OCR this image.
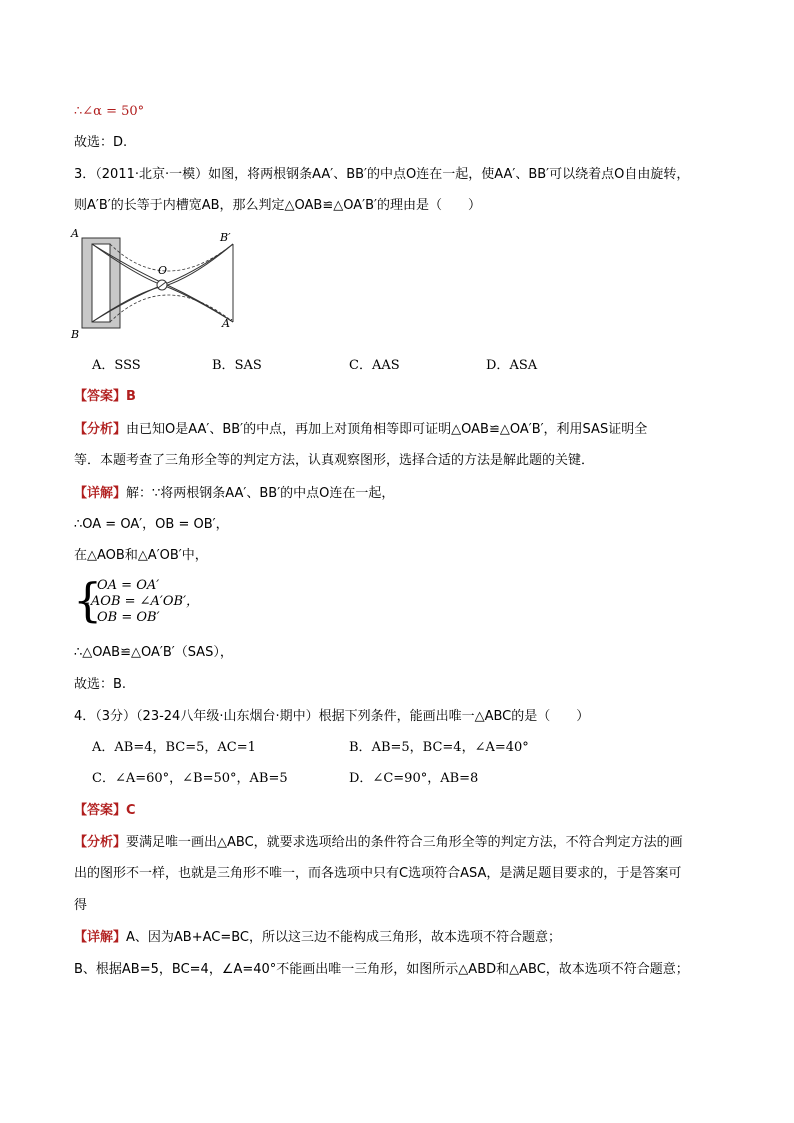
∴∠α = 50°
故选：D.
3．（2011·北京·一模）如图，将两根钢条AA′、BB′的中点O连在一起，使AA′、BB′可以绕着点O自由旋转，
则A′B′的长等于内槽宽AB，那么判定△OAB≌△OA′B′的理由是（　　）
A
B
O
B′
A′
A．SSS	B．SAS	C．AAS	D．ASA
【答案】B
【分析】由已知O是AA′、BB′的中点，再加上对顶角相等即可证明△OAB≌△OA′B′，利用SAS证明全
等．本题考查了三角形全等的判定方法，认真观察图形，选择合适的方法是解此题的关键．
【详解】解：∵将两根钢条AA′、BB′的中点O连在一起，
∴OA = OA′，OB = OB′，
在△AOB和△A′OB′中，
{
OA = OA′
∠AOB = ∠A′OB′，
OB = OB′
∴△OAB≌△OA′B′（SAS），
故选：B.
4．（3分）（23-24八年级·山东烟台·期中）根据下列条件，能画出唯一△ABC的是（　　）
A．AB=4，BC=5，AC=1	B．AB=5，BC=4，∠A=40°
C．∠A=60°，∠B=50°，AB=5	D．∠C=90°，AB=8
【答案】C
【分析】要满足唯一画出△ABC，就要求选项给出的条件符合三角形全等的判定方法，不符合判定方法的画
出的图形不一样，也就是三角形不唯一，而各选项中只有C选项符合ASA，是满足题目要求的，于是答案可
得
【详解】A、因为AB+AC=BC，所以这三边不能构成三角形，故本选项不符合题意；
B、根据AB=5，BC=4，∠A=40°不能画出唯一三角形，如图所示△ABD和△ABC，故本选项不符合题意；
